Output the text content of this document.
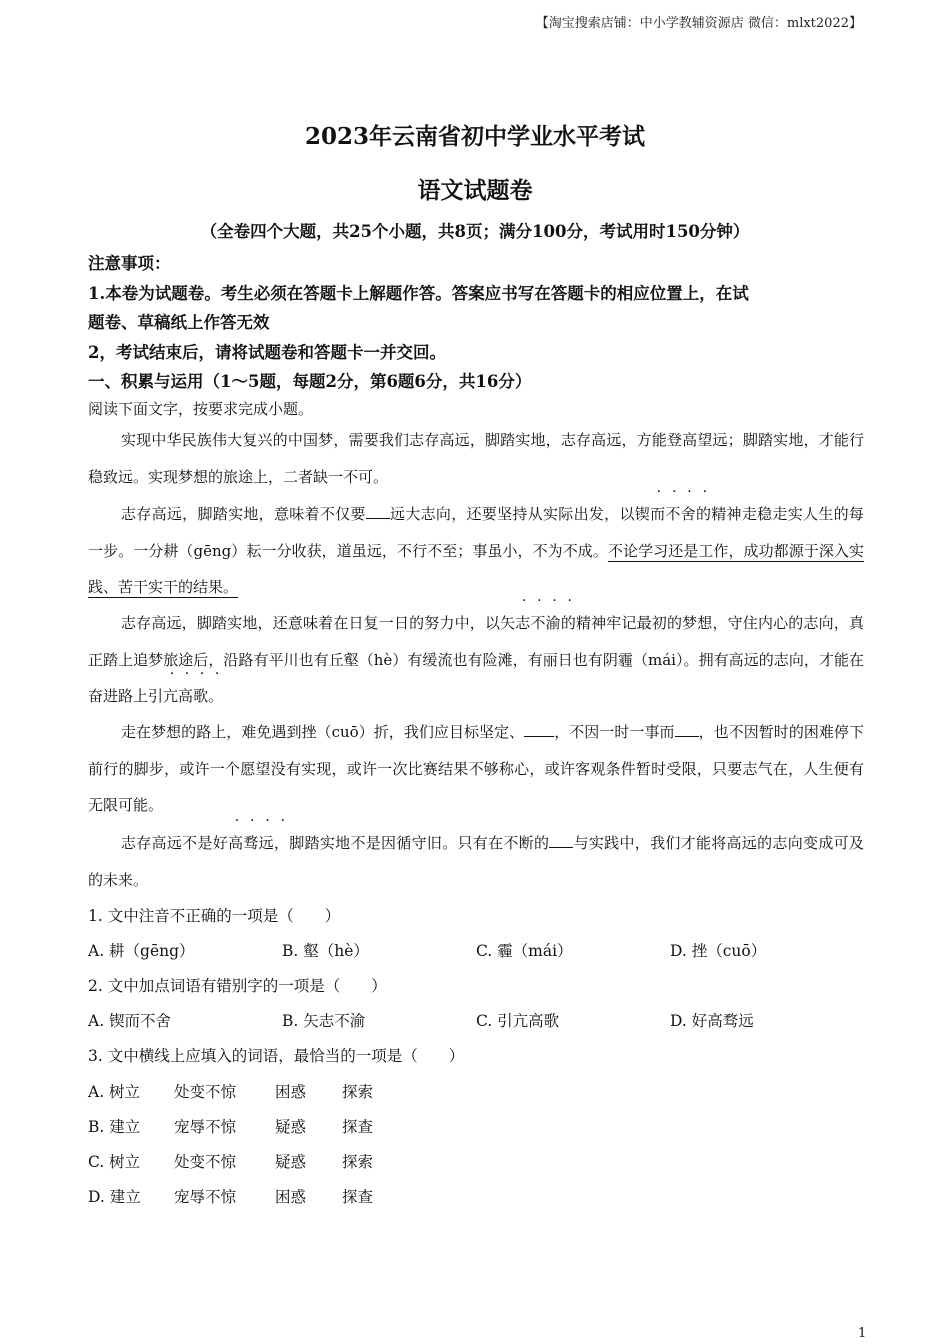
【淘宝搜索店铺：中小学教辅资源店 微信：mlxt2022】
2023年云南省初中学业水平考试
语文试题卷
（全卷四个大题，共25个小题，共8页；满分100分，考试用时150分钟）
注意事项：
1.本卷为试题卷。考生必须在答题卡上解题作答。答案应书写在答题卡的相应位置上，在试
题卷、草稿纸上作答无效
2，考试结束后，请将试题卷和答题卡一并交回。
一、积累与运用（1～5题，每题2分，第6题6分，共16分）
阅读下面文字，按要求完成小题。
实现中华民族伟大复兴的中国梦，需要我们志存高远，脚踏实地，志存高远，方能登高望远；脚踏实地，才能行稳致远。实现梦想的旅途上，二者缺一不可。
志存高远，脚踏实地，意味着不仅要 远大志向，还要坚持从实际出发，以锲而不舍的精神走稳走实人生的每一步。一分耕（gēng）耘一分收获，道虽远，不行不至；事虽小，不为不成。不论学习还是工作，成功都源于深入实践、苦干实干的结果。
志存高远，脚踏实地，还意味着在日复一日的努力中，以矢志不渝的精神牢记最初的梦想，守住内心的志向，真正踏上追梦旅途后，沿路有平川也有丘壑（hè）有缓流也有险滩，有丽日也有阴霾（mái）。拥有高远的志向，才能在奋进路上引亢高歌。
走在梦想的路上，难免遇到挫（cuō）折，我们应目标坚定、 ，不因一时一事而 ，也不因暂时的困难停下前行的脚步，或许一个愿望没有实现，或许一次比赛结果不够称心，或许客观条件暂时受限，只要志气在，人生便有无限可能。
志存高远不是好高骛远，脚踏实地不是因循守旧。只有在不断的 与实践中，我们才能将高远的志向变成可及的未来。
1. 文中注音不正确的一项是（　　）
A. 耕（gēng）	B. 壑（hè）	C. 霾（mái）	D. 挫（cuō）
2. 文中加点词语有错别字的一项是（　　）
A. 锲而不舍	B. 矢志不渝	C. 引亢高歌	D. 好高骛远
3. 文中横线上应填入的词语，最恰当的一项是（　　）
A. 树立 处变不惊	困惑 探索
B. 建立 宠辱不惊	疑惑 探查
C. 树立 处变不惊	疑惑 探索
D. 建立 宠辱不惊	困惑 探查
1
